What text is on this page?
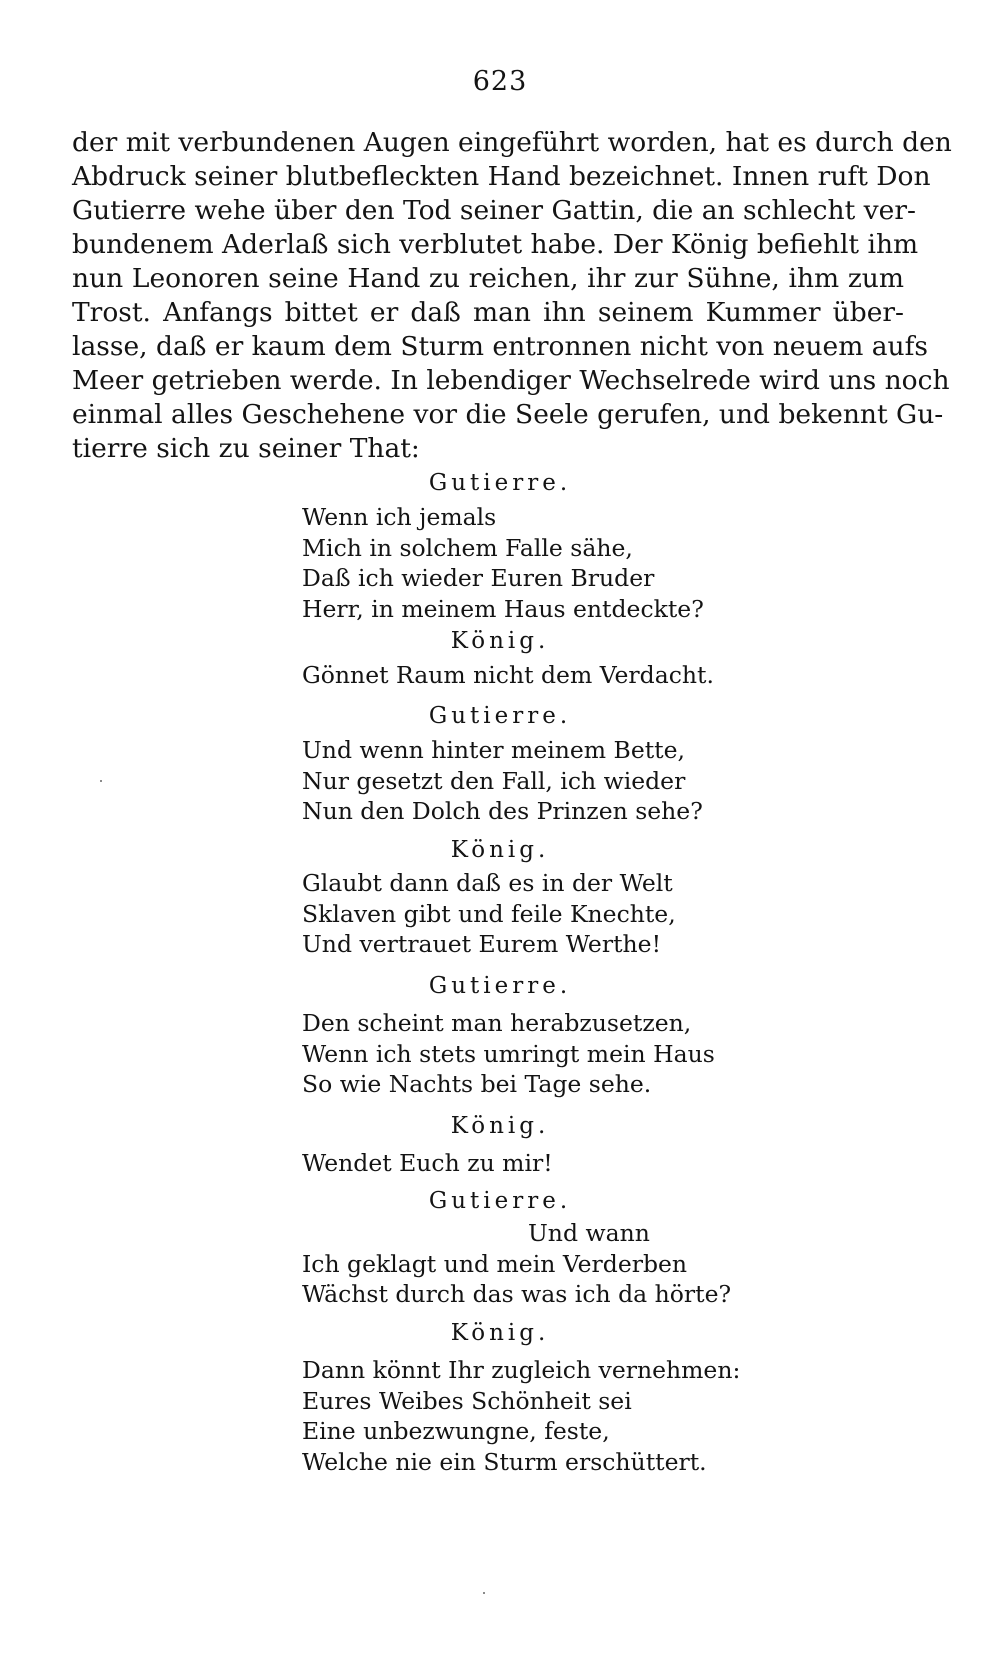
623
der mit verbundenen Augen eingeführt worden, hat es durch den
Abdruck seiner blutbefleckten Hand bezeichnet. Innen ruft Don
Gutierre wehe über den Tod seiner Gattin, die an schlecht ver-
bundenem Aderlaß sich verblutet habe. Der König befiehlt ihm
nun Leonoren seine Hand zu reichen, ihr zur Sühne, ihm zum
Trost. Anfangs bittet er daß man ihn seinem Kummer über-
lasse, daß er kaum dem Sturm entronnen nicht von neuem aufs
Meer getrieben werde. In lebendiger Wechselrede wird uns noch
einmal alles Geschehene vor die Seele gerufen, und bekennt Gu-
tierre sich zu seiner That:
Gutierre.
Wenn ich jemals
Mich in solchem Falle sähe,
Daß ich wieder Euren Bruder
Herr, in meinem Haus entdeckte?
König.
Gönnet Raum nicht dem Verdacht.
Gutierre.
Und wenn hinter meinem Bette,
Nur gesetzt den Fall, ich wieder
Nun den Dolch des Prinzen sehe?
König.
Glaubt dann daß es in der Welt
Sklaven gibt und feile Knechte,
Und vertrauet Eurem Werthe!
Gutierre.
Den scheint man herabzusetzen,
Wenn ich stets umringt mein Haus
So wie Nachts bei Tage sehe.
König.
Wendet Euch zu mir!
Gutierre.
Und wann
Ich geklagt und mein Verderben
Wächst durch das was ich da hörte?
König.
Dann könnt Ihr zugleich vernehmen:
Eures Weibes Schönheit sei
Eine unbezwungne, feste,
Welche nie ein Sturm erschüttert.
